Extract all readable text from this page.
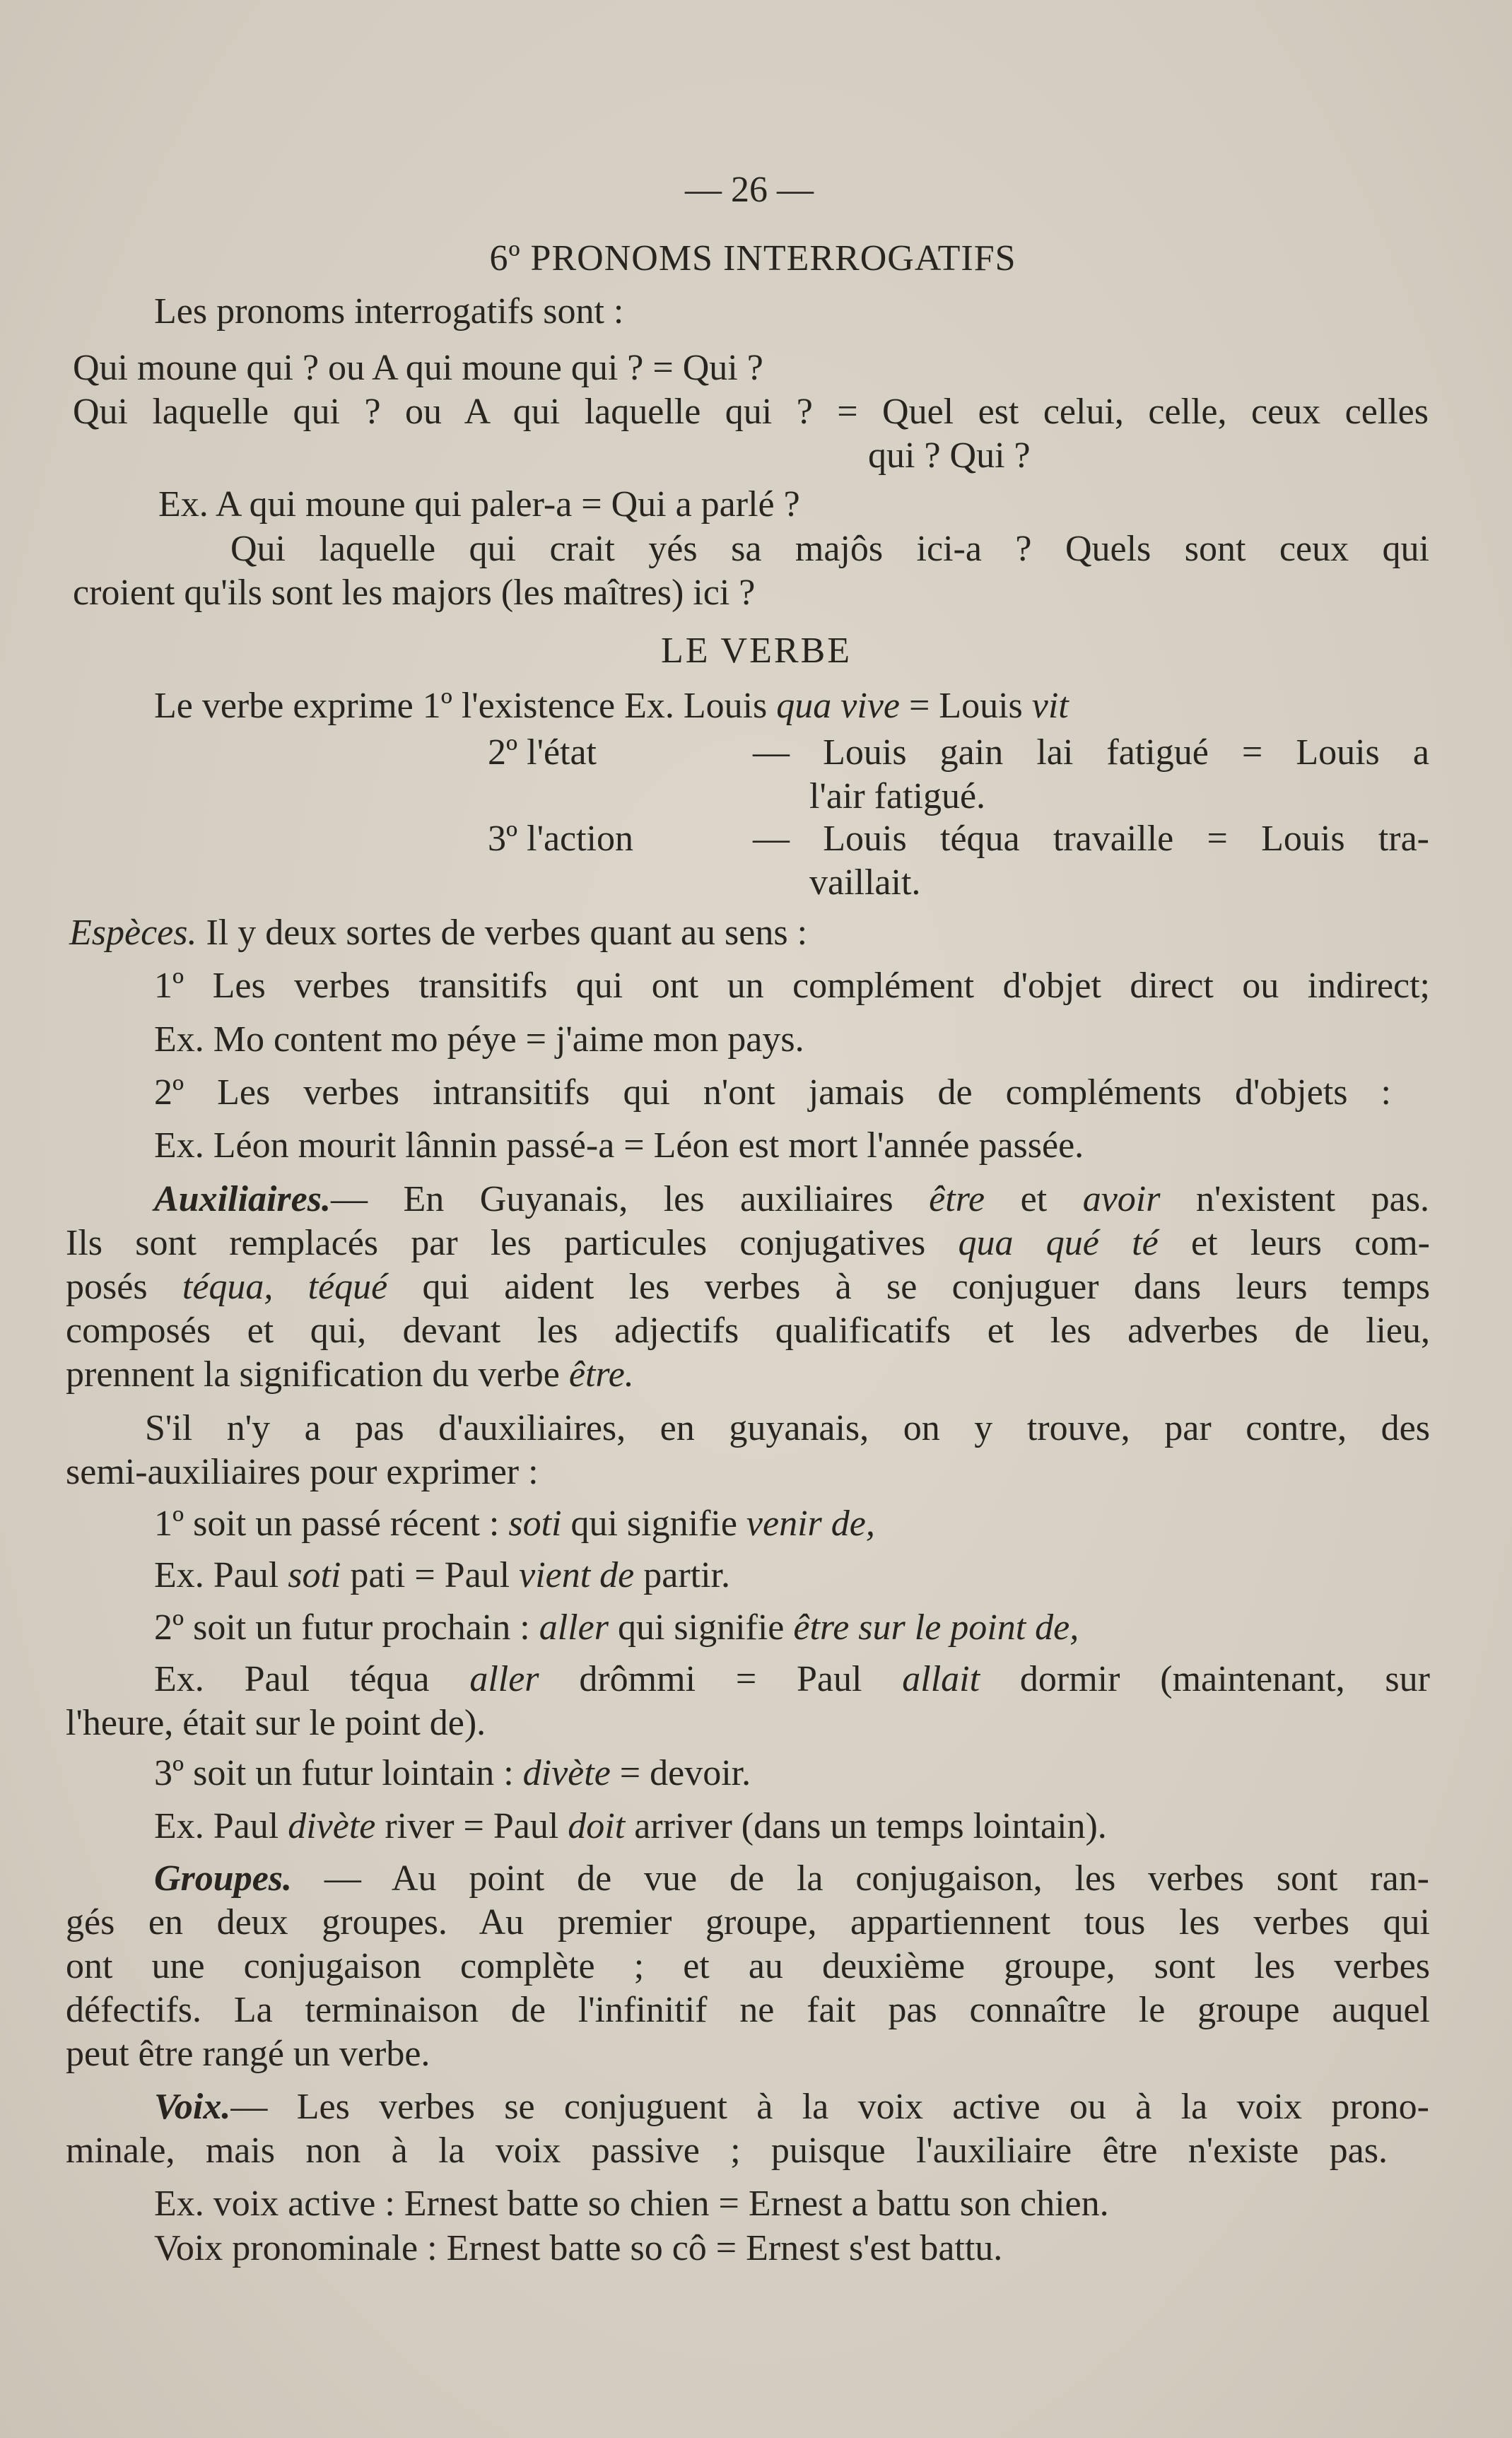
— 26 —
6º PRONOMS INTERROGATIFS
Les pronoms interrogatifs sont :
Qui moune qui ? ou A qui moune qui ? = Qui ?
Qui laquelle qui ? ou A qui laquelle qui ? = Quel est celui, celle, ceux celles
qui ? Qui ?
Ex. A qui moune qui paler-a = Qui a parlé ?
Qui laquelle qui crait yés sa majôs ici-a ? Quels sont ceux qui
croient qu'ils sont les majors (les maîtres) ici ?
LE VERBE
Le verbe exprime 1º l'existence Ex. Louis qua vive = Louis vit
2º l'état	— Louis gain lai fatigué = Louis a
l'air fatigué.
3º l'action	— Louis téqua travaille = Louis tra-
vaillait.
Espèces. Il y deux sortes de verbes quant au sens :
1º Les verbes transitifs qui ont un complément d'objet direct ou indirect;
Ex. Mo content mo péye = j'aime mon pays.
2º Les verbes intransitifs qui n'ont jamais de compléments d'objets :
Ex. Léon mourit lânnin passé-a = Léon est mort l'année passée.
Auxiliaires.— En Guyanais, les auxiliaires être et avoir n'existent pas.
Ils sont remplacés par les particules conjugatives qua qué té et leurs com-
posés téqua, téqué qui aident les verbes à se conjuguer dans leurs temps
composés et qui, devant les adjectifs qualificatifs et les adverbes de lieu,
prennent la signification du verbe être.
S'il n'y a pas d'auxiliaires, en guyanais, on y trouve, par contre, des
semi-auxiliaires pour exprimer :
1º soit un passé récent : soti qui signifie venir de,
Ex. Paul soti pati = Paul vient de partir.
2º soit un futur prochain : aller qui signifie être sur le point de,
Ex. Paul téqua aller drômmi = Paul allait dormir (maintenant, sur
l'heure, était sur le point de).
3º soit un futur lointain : divète = devoir.
Ex. Paul divète river = Paul doit arriver (dans un temps lointain).
Groupes. — Au point de vue de la conjugaison, les verbes sont ran-
gés en deux groupes. Au premier groupe, appartiennent tous les verbes qui
ont une conjugaison complète ; et au deuxième groupe, sont les verbes
défectifs. La terminaison de l'infinitif ne fait pas connaître le groupe auquel
peut être rangé un verbe.
Voix.— Les verbes se conjuguent à la voix active ou à la voix prono-
minale, mais non à la voix passive ; puisque l'auxiliaire être n'existe pas.
Ex. voix active : Ernest batte so chien = Ernest a battu son chien.
Voix pronominale : Ernest batte so cô = Ernest s'est battu.
